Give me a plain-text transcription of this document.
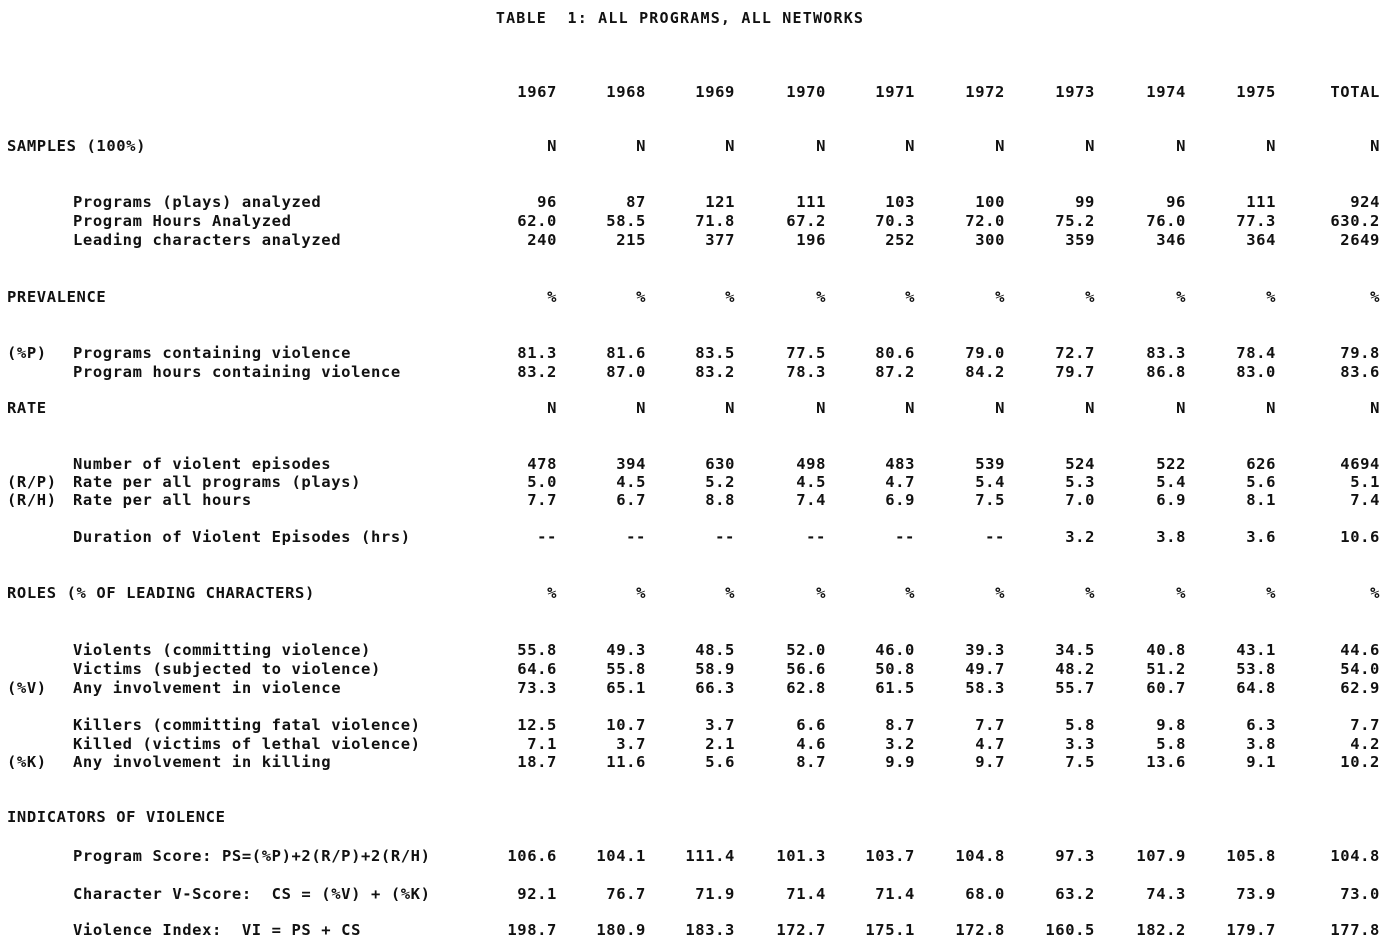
TABLE  1: ALL PROGRAMS, ALL NETWORKS
1967	1968	1969	1970	1971	1972	1973	1974	1975	TOTAL
SAMPLES (100%)	N	N	N	N	N	N	N	N	N	N
Programs (plays) analyzed	96	87	121	111	103	100	99	96	111	924
Program Hours Analyzed	62.0	58.5	71.8	67.2	70.3	72.0	75.2	76.0	77.3	630.2
Leading characters analyzed	240	215	377	196	252	300	359	346	364	2649
PREVALENCE	%	%	%	%	%	%	%	%	%	%
(%P) Programs containing violence	81.3	81.6	83.5	77.5	80.6	79.0	72.7	83.3	78.4	79.8
Program hours containing violence	83.2	87.0	83.2	78.3	87.2	84.2	79.7	86.8	83.0	83.6
RATE	N	N	N	N	N	N	N	N	N	N
Number of violent episodes	478	394	630	498	483	539	524	522	626	4694
(R/P) Rate per all programs (plays)	5.0	4.5	5.2	4.5	4.7	5.4	5.3	5.4	5.6	5.1
(R/H) Rate per all hours	7.7	6.7	8.8	7.4	6.9	7.5	7.0	6.9	8.1	7.4
Duration of Violent Episodes (hrs)	--	--	--	--	--	--	3.2	3.8	3.6	10.6
ROLES (% OF LEADING CHARACTERS)	%	%	%	%	%	%	%	%	%	%
Violents (committing violence)	55.8	49.3	48.5	52.0	46.0	39.3	34.5	40.8	43.1	44.6
Victims (subjected to violence)	64.6	55.8	58.9	56.6	50.8	49.7	48.2	51.2	53.8	54.0
(%V) Any involvement in violence	73.3	65.1	66.3	62.8	61.5	58.3	55.7	60.7	64.8	62.9
Killers (committing fatal violence)	12.5	10.7	3.7	6.6	8.7	7.7	5.8	9.8	6.3	7.7
Killed (victims of lethal violence)	7.1	3.7	2.1	4.6	3.2	4.7	3.3	5.8	3.8	4.2
(%K) Any involvement in killing	18.7	11.6	5.6	8.7	9.9	9.7	7.5	13.6	9.1	10.2
INDICATORS OF VIOLENCE
Program Score: PS=(%P)+2(R/P)+2(R/H)	106.6	104.1	111.4	101.3	103.7	104.8	97.3	107.9	105.8	104.8
Character V-Score:  CS = (%V) + (%K)	92.1	76.7	71.9	71.4	71.4	68.0	63.2	74.3	73.9	73.0
Violence Index:  VI = PS + CS	198.7	180.9	183.3	172.7	175.1	172.8	160.5	182.2	179.7	177.8
